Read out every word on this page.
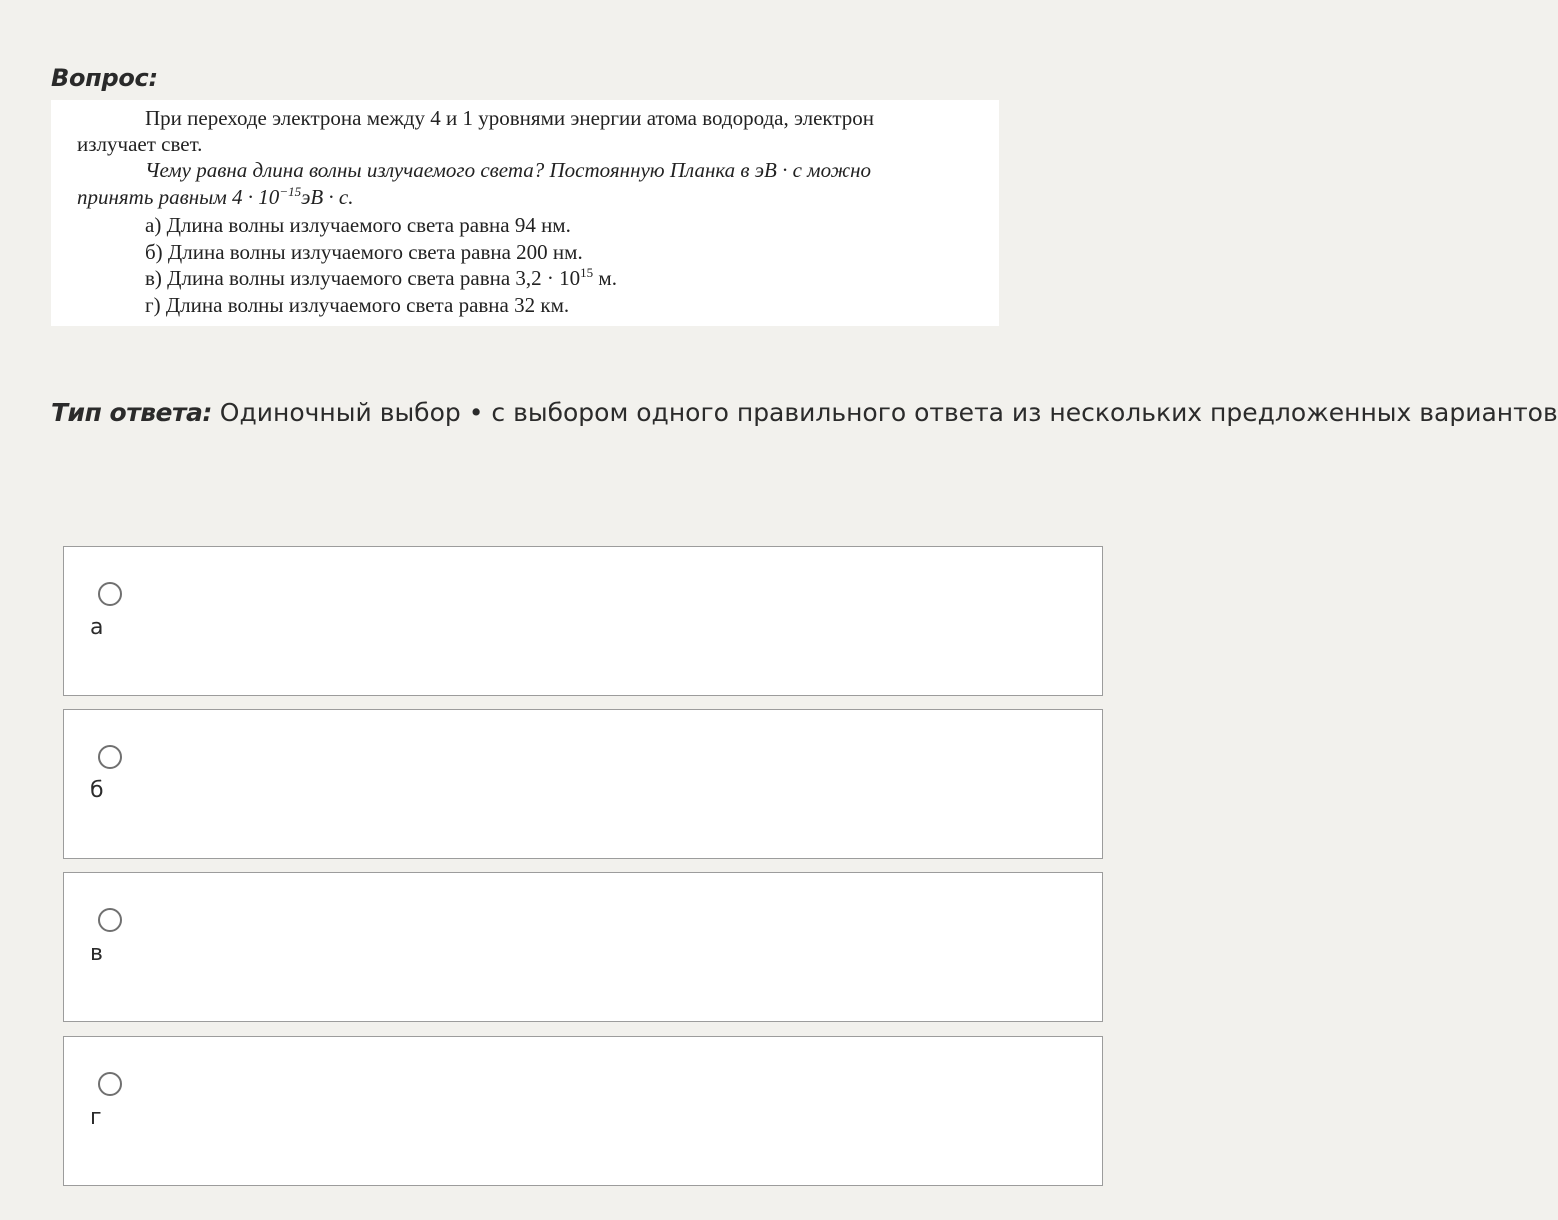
Вопрос:
При переходе электрона между 4 и 1 уровнями энергии атома водорода, электрон
излучает свет.
Чему равна длина волны излучаемого света? Постоянную Планка в эВ · с можно
принять равным $4 \cdot 10^{-15}эВ \cdot с$.
а) Длина волны излучаемого света равна 94 нм.
б) Длина волны излучаемого света равна 200 нм.
в) Длина волны излучаемого света равна $3,2 \cdot 10^{15}$ м.
г) Длина волны излучаемого света равна 32 км.
Тип ответа: Одиночный выбор • с выбором одного правильного ответа из нескольких предложенных вариантов
а
б
в
г
